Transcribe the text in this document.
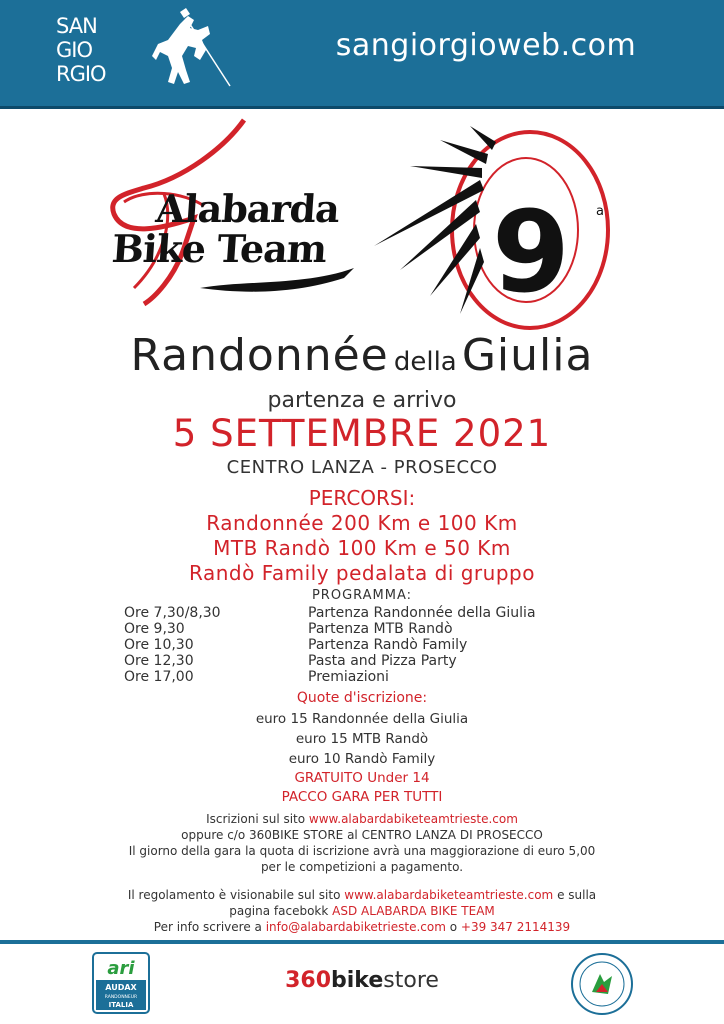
SAN
GIO
RGIO
sangiorgioweb.com
Alabarda
Bike Team 9 a
Randonnée della Giulia
partenza e arrivo
5 SETTEMBRE 2021
CENTRO LANZA - PROSECCO
PERCORSI:
Randonnée 200 Km e 100 Km
MTB Randò 100 Km e 50 Km
Randò Family pedalata di gruppo
PROGRAMMA:
Ore 7,30/8,30	Partenza Randonnée della Giulia
Ore 9,30	Partenza MTB Randò
Ore 10,30	Partenza Randò Family
Ore 12,30	Pasta and Pizza Party
Ore 17,00	Premiazioni
Quote d'iscrizione:
euro 15 Randonnée della Giulia
euro 15 MTB Randò
euro 10 Randò Family
GRATUITO Under 14
PACCO GARA PER TUTTI
Iscrizioni sul sito www.alabardabiketeamtrieste.com
oppure c/o 360BIKE STORE al CENTRO LANZA DI PROSECCO
Il giorno della gara la quota di iscrizione avrà una maggiorazione di euro 5,00
per le competizioni a pagamento.
Il regolamento è visionabile sul sito www.alabardabiketeamtrieste.com e sulla
pagina facebokk ASD ALABARDA BIKE TEAM
Per info scrivere a info@alabardabiketrieste.com o +39 347 2114139
ari
AUDAX
RANDONNEUR
ITALIA
360bikestore
